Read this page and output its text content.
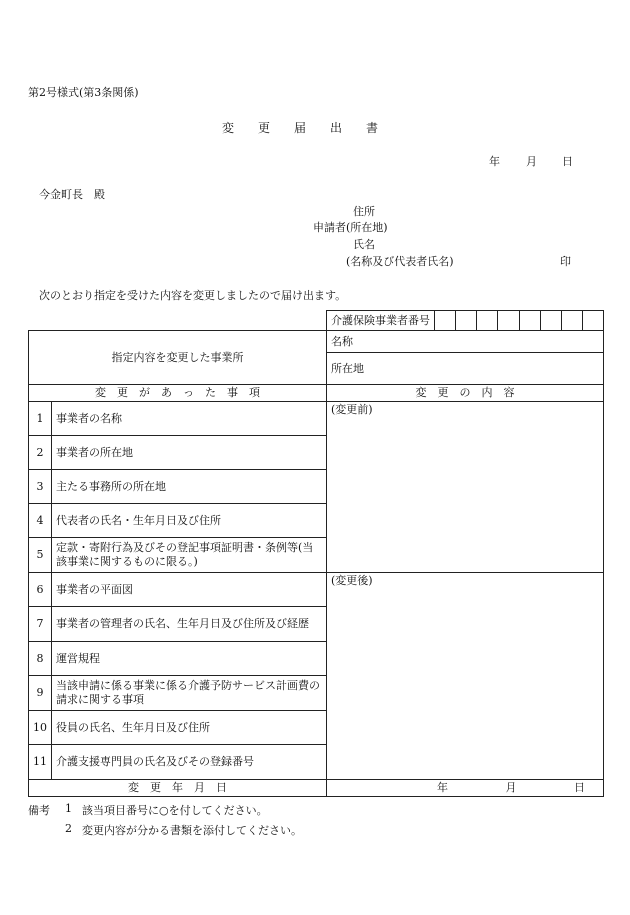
第2号様式(第3条関係)
変　更　届　出　書
年 月 日
今金町長　殿
住所
申請者(所在地)
氏名
(名称及び代表者氏名)	印
次のとおり指定を受けた内容を変更しましたので届け出ます。

介護保険事業者番号

指定内容を変更した事業所		名称
		所在地
変　更　が　あ　っ　た　事　項		変　更　の　内　容
1	事業者の名称	(変更前)
2	事業者の所在地	
3	主たる事務所の所在地	
4	代表者の氏名・生年月日及び住所	
5	定款・寄附行為及びその登記事項証明書・条例等(当該事業に関するものに限る。)	
6	事業者の平面図	(変更後)
7	事業者の管理者の氏名、生年月日及び住所及び経歴	
8	運営規程	
9	当該申請に係る事業に係る介護予防サービス計画費の請求に関する事項	
10	役員の氏名、生年月日及び住所	
11	介護支援専門員の氏名及びその登録番号	
変　更　年　月　日		年 月 日
備考 1 該当項目番号に○を付してください。
2 変更内容が分かる書類を添付してください。
